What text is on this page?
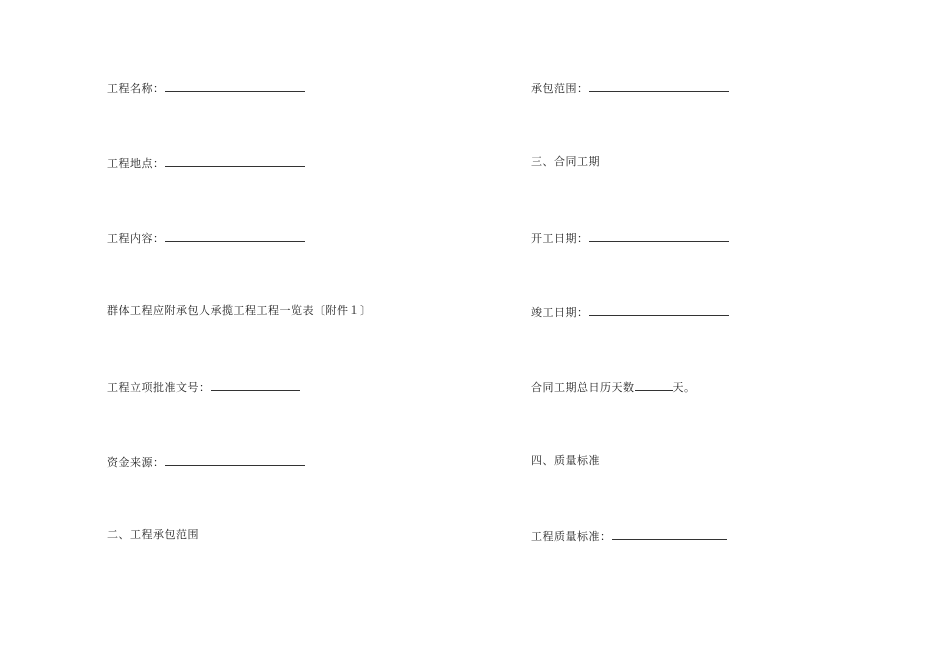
工程名称：
工程地点：
工程内容：
群体工程应附承包人承揽工程工程一览表〔附件１〕
工程立项批准文号：
资金来源：
二、工程承包范围
承包范围：
三、合同工期
开工日期：
竣工日期：
合同工期总日历天数	天。
四、质量标准
工程质量标准：
